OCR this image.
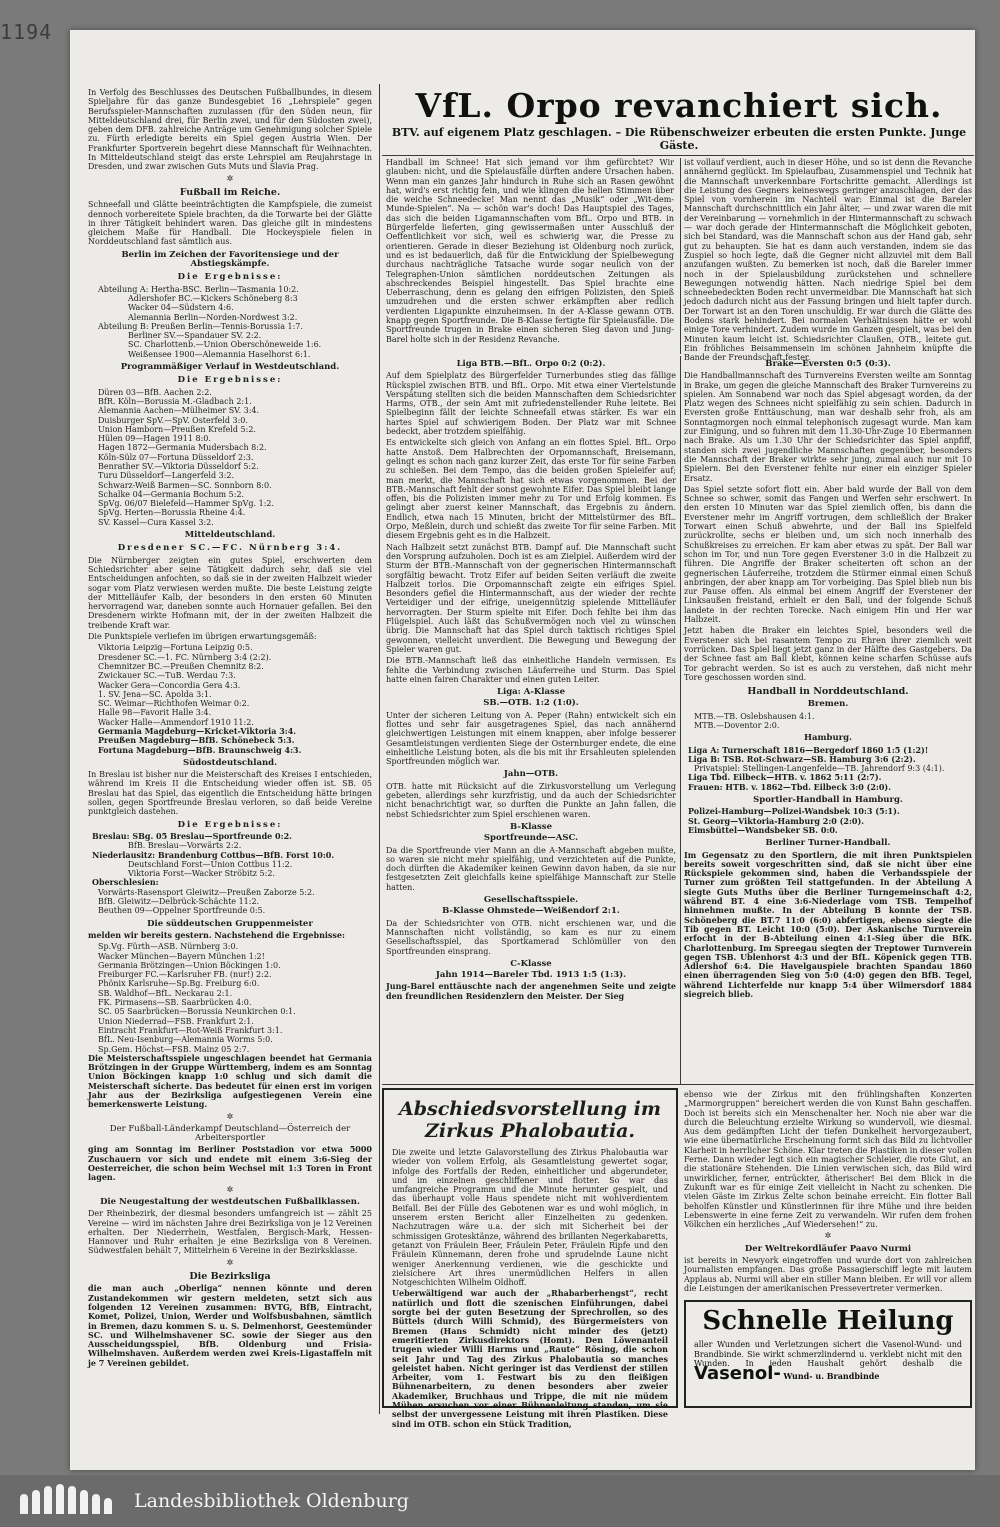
1194
VfL. Orpo revanchiert sich.
BTV. auf eigenem Platz geschlagen. – Die Rübenschweizer erbeuten die ersten Punkte. Junge Gäste.

Handball im Schnee! Hat sich jemand vor ihm gefürchtet? Wir glauben: nicht, und die Spielausfälle dürften andere Ursachen haben. Wenn man ein ganzes Jahr hindurch in Ruhe sich an Rasen gewöhnt hat, wird's erst richtig fein, und wie klingen die hellen Stimmen über die weiche Schneedecke! Man nennt das „Musik“ oder „Wit-dem-Munde-Spielen“. Na — schön war's doch! Das Hauptspiel des Tages, das sich die beiden Ligamannschaften vom BfL. Orpo und BTB. in Bürgerfelde lieferten, ging gewissermaßen unter Ausschluß der Oeffentlichkeit vor sich, weil es schwierig war, die Presse zu orientieren. Gerade in dieser Beziehung ist Oldenburg noch zurück, und es ist bedauerlich, daß für die Entwicklung der Spielbewegung durchaus nachträgliche Tatsache wurde sogar neulich von der Telegraphen-Union sämtlichen norddeutschen Zeitungen als abschreckendes Beispiel hingestellt. Das Spiel brachte eine Ueberraschung, denn es gelang den eifrigen Polizisten, den Spieß umzudrehen und die ersten schwer erkämpften aber redlich verdienten Ligapunkte einzuheimsen. In der A-Klasse gewann OTB. knapp gegen Sportfreunde. Die B-Klasse fertigte für Spielausfälle. Die Sportfreunde trugen in Brake einen sicheren Sieg davon und Jung-Barel holte sich in der Residenz Revanche.

ist vollauf verdient, auch in dieser Höhe, und so ist denn die Revanche annähernd geglückt. Im Spielaufbau, Zusammenspiel und Technik hat die Mannschaft unverkennbare Fortschritte gemacht. Allerdings ist die Leistung des Gegners keineswegs geringer anzuschlagen, der das Spiel von vornherein im Nachteil war: Einmal ist die Bareler Mannschaft durchschnittlich ein Jahr älter, — und zwar waren die mit der Vereinbarung — vornehmlich in der Hintermannschaft zu schwach — war doch gerade der Hintermannschaft die Möglichkeit geboten, sich bei Standard, was die Mannschaft schon aus der Hand gab, sehr gut zu behaupten. Sie hat es dann auch verstanden, indem sie das Zuspiel so hoch legte, daß die Gegner nicht allzuviel mit dem Ball anzufangen wußten. Zu bemerken ist noch, daß die Bareler immer noch in der Spielausbildung zurückstehen und schnellere Bewegungen notwendig hätten. Nach niedrige Spiel bei dem schneebedeckten Boden recht unvermeidbar. Die Mannschaft hat sich jedoch dadurch nicht aus der Fassung bringen und hielt tapfer durch. Der Torwart ist an den Toren unschuldig. Er war durch die Glätte des Bodens stark behindert. Bei normalen Verhältnissen hätte er wohl einige Tore verhindert. Zudem wurde im Ganzen gespielt, was bei den Minuten kaum leicht ist. Schiedsrichter Claußen, OTB., leitete gut. Ein fröhliches Beisammensein im schönen Jahnheim knüpfte die Bande der Freundschaft fester.

In Verfolg des Beschlusses des Deutschen Fußballbundes, in diesem Spieljahre für das ganze Bundesgebiet 16 „Lehrspiele“ gegen Berufsspieler-Mannschaften zuzulassen (für den Süden neun, für Mitteldeutschland drei, für Berlin zwei, und für den Südosten zwei), geben dem DFB. zahlreiche Anträge um Genehmigung solcher Spiele zu. Fürth erledigte bereits ein Spiel gegen Austria Wien. Der Frankfurter Sportverein begehrt diese Mannschaft für Weihnachten. In Mitteldeutschland steigt das erste Lehrspiel am Reujahrstage in Dresden, und zwar zwischen Guts Muts und Slavia Prag.

✲
Fußball im Reiche.

Schneefall und Glätte beeinträchtigten die Kampfspiele, die zumeist dennoch vorbereitete Spiele brachten, da die Torwarte bei der Glätte in ihrer Tätigkeit behindert waren. Das gleiche gilt in mindestens gleichem Maße für Handball. Die Hockeyspiele fielen in Norddeutschland fast sämtlich aus.

Berlin im Zeichen der Favoritensiege und der Abstiegskämpfe.
Die Ergebnisse:

Abteilung A: Hertha-BSC. Berlin—Tasmania 10:2.

Adlershofer BC.—Kickers Schöneberg 8:3

Wacker 04—Südstern 4:6.

Alemannia Berlin—Norden-Nordwest 3:2.

Abteilung B: Preußen Berlin—Tennis-Borussia 1:7.

Berliner SV.—Spandauer SV. 2:2.

SC. Charlottenb.—Union Oberschöneweide 1:6.

Weißensee 1900—Alemannia Haselhorst 6:1.

Programmäßiger Verlauf in Westdeutschland.
Die Ergebnisse:

Düren 03—BfB. Aachen 2:2.

BfR. Köln—Borussia M.-Gladbach 2:1.

Alemannia Aachen—Mülheimer SV. 3:4.

Duisburger SpV.—SpV. Osterfeld 3:0.

Union Hamborn—Preußen Krefeld 5:2.

Hülen 09—Hagen 1911 8:0.

Hagen 1872—Germania Mudersbach 8:2.

Köln-Sülz 07—Fortuna Düsseldorf 2:3.

Benrather SV.—Viktoria Düsseldorf 5:2.

Turu Düsseldorf—Langerfeld 3:2.

Schwarz-Weiß Barmen—SC. Sonnborn 8:0.

Schalke 04—Germania Bochum 5:2.

SpVg. 06/07 Bielefeld—Hammer SpVg. 1:2.

SpVg. Herten—Borussia Rheine 4:4.

SV. Kassel—Cura Kassel 3:2.

Mitteldeutschland.
Dresdener SC.—FC. Nürnberg 3:4.

Die Nürnberger zeigten ein gutes Spiel, erschwerten dem Schiedsrichter aber seine Tätigkeit dadurch sehr, daß sie viel Entscheidungen anfochten, so daß sie in der zweiten Halbzeit wieder sogar vom Platz verwiesen werden mußte. Die beste Leistung zeigte der Mittelläufer Kalb, der besonders in den ersten 60 Minuten hervorragend war, daneben sonnte auch Hornauer gefallen. Bei den Dresdenern wirkte Hofmann mit, der in der zweiten Halbzeit die treibende Kraft war.

Die Punktspiele verliefen im übrigen erwartungsgemäß:

Viktoria Leipzig—Fortuna Leipzig 0:5.

Dresdener SC.—1. FC. Nürnberg 3:4 (2:2).

Chemnitzer BC.—Preußen Chemnitz 8:2.

Zwickauer SC.—TuB. Werdau 7:3.

Wacker Gera—Concordia Gera 4:3.

1. SV. Jena—SC. Apolda 3:1.

SC. Weimar—Richthofen Weimar 0:2.

Halle 98—Favorit Halle 3:4.

Wacker Halle—Ammendorf 1910 11:2.

Germania Magdeburg—Kricket-Viktoria 3:4.

Preußen Magdeburg—BfB. Schönebeck 5:3.

Fortuna Magdeburg—BfB. Braunschweig 4:3.

Südostdeutschland.

In Breslau ist bisher nur die Meisterschaft des Kreises I entschieden, während im Kreis II die Entscheidung wieder offen ist. SB. 05 Breslau hat das Spiel, das eigentlich die Entscheidung hätte bringen sollen, gegen Sportfreunde Breslau verloren, so daß beide Vereine punktgleich dastehen.

Die Ergebnisse:

Breslau: SBg. 05 Breslau—Sportfreunde 0:2.

BfB. Breslau—Vorwärts 2:2.

Niederlausitz: Brandenburg Cottbus—BfB. Forst 10:0.

Deutschland Forst—Union Cottbus 11:2.

Viktoria Forst—Wacker Ströbitz 5:2.

Oberschlesien:

Vorwärts-Rasensport Gleiwitz—Preußen Zaborze 5:2.

BfB. Gleiwitz—Delbrück-Schächte 11:2.

Beuthen 09—Oppelner Sportfreunde 0:5.

Die süddeutschen Gruppenmeister

melden wir bereits gestern. Nachstehend die Ergebnisse:

Sp.Vg. Fürth—ASB. Nürnberg 3:0.

Wacker München—Bayern München 1:2!

Germania Brötzingen—Union Böckingen 1:0.

Freiburger FC.—Karlsruher FB. (nur!) 2:2.

Phönix Karlsruhe—Sp.Bg. Freiburg 6:0.

SB. Waldhof—BfL. Neckarau 2:1.

FK. Pirmasens—SB. Saarbrücken 4:0.

SC. 05 Saarbrücken—Borussia Neunkirchen 0:1.

Union Niederrad—FSB. Frankfurt 2:1.

Eintracht Frankfurt—Rot-Weiß Frankfurt 3:1.

BfL. Neu-Isenburg—Alemannia Worms 5:0.

Sp.Gem. Höchst—FSB. Mainz 05 2:7.

Die Meisterschaftsspiele ungeschlagen beendet hat Germania Brötzingen in der Gruppe Württemberg, indem es am Sonntag Union Böckingen knapp 1:0 schlug und sich damit die Meisterschaft sicherte. Das bedeutet für einen erst im vorigen Jahr aus der Bezirksliga aufgestiegenen Verein eine bemerkenswerte Leistung.

✲
Der Fußball-Länderkampf Deutschland—Österreich der Arbeitersportler

ging am Sonntag im Berliner Poststadion vor etwa 5000 Zuschauern vor sich und endete mit einem 3:6-Sieg der Oesterreicher, die schon beim Wechsel mit 1:3 Toren in Front lagen.

✲
Die Neugestaltung der westdeutschen Fußballklassen.

Der Rheinbezirk, der diesmal besonders umfangreich ist — zählt 25 Vereine — wird im nächsten Jahre drei Bezirksliga von je 12 Vereinen erhalten. Der Niederrhein, Westfalen, Bergisch-Mark, Hessen-Hannover und Ruhr erhalten je eine Bezirksliga von 8 Vereinen. Südwestfalen behält 7, Mittelrhein 6 Vereine in der Bezirksklasse.

✲
Die Bezirksliga

die man auch „Oberliga“ nennen könnte und deren Zustandekommen wir gestern meldeten, setzt sich aus folgenden 12 Vereinen zusammen: BVTG, BfB, Eintracht, Komet, Polizei, Union, Werder und Wolfsbusbahnen, sämtlich in Bremen, dazu kommen S. u. S. Delmenhorst, Geestemünder SC. und Wilhelmshavener SC. sowie der Sieger aus den Ausscheidungsspiel, BfB. Oldenburg und Frisia-Wilhelmshaven. Außerdem werden zwei Kreis-Ligastaffeln mit je 7 Vereinen gebildet.

Liga BTB.—BfL. Orpo 0:2 (0:2).

Auf dem Spielplatz des Bürgerfelder Turnerbundes stieg das fällige Rückspiel zwischen BTB. und BfL. Orpo. Mit etwa einer Viertelstunde Verspätung stellten sich die beiden Mannschaften dem Schiedsrichter Harms, OTB., der sein Amt mit zufriedenstellender Ruhe leitete. Bei Spielbeginn fällt der leichte Schneefall etwas stärker. Es war ein hartes Spiel auf schwierigem Boden. Der Platz war mit Schnee bedeckt, aber trotzdem spielfähig.

Es entwickelte sich gleich von Anfang an ein flottes Spiel. BfL. Orpo hatte Anstoß. Dem Halbrechten der Orpomannschaft, Breisemann, gelingt es schon nach ganz kurzer Zeit, das erste Tor für seine Farben zu schießen. Bei dem Tempo, das die beiden großen Spieleifer auf; man merkt, die Mannschaft hat sich etwas vorgenommen. Bei der BTB.-Mannschaft fehlt der sonst gewohnte Eifer. Das Spiel bleibt lange offen, bis die Polizisten immer mehr zu Tor und Erfolg kommen. Es gelingt aber zuerst keiner Mannschaft, das Ergebnis zu ändern. Endlich, etwa nach 15 Minuten, bricht der Mittelstürmer des BfL. Orpo, Meßlein, durch und schießt das zweite Tor für seine Farben. Mit diesem Ergebnis geht es in die Halbzeit.

Nach Halbzeit setzt zunächst BTB. Dampf auf. Die Mannschaft sucht den Vorsprung aufzuholen. Doch ist es am Zielpiel. Außerdem wird der Sturm der BTB.-Mannschaft von der gegnerischen Hintermannschaft sorgfältig bewacht. Trotz Eifer auf beiden Seiten verläuft die zweite Halbzeit torlos. Die Orpomannschaft zeigte ein eifriges Spiel. Besonders gefiel die Hintermannschaft, aus der wieder der rechte Verteidiger und der eifrige, uneigennützig spielende Mittelläufer hervorragten. Der Sturm spielte mit Eifer. Doch fehlte bei ihm das Flügelspiel. Auch läßt das Schußvermögen noch viel zu wünschen übrig. Die Mannschaft hat das Spiel durch taktisch richtiges Spiel gewonnen, vielleicht unverdient. Die Bewegung und Bewegung der Spieler waren gut.

Die BTB.-Mannschaft ließ das einheitliche Handeln vermissen. Es fehlte die Verbindung zwischen Läuferreihe und Sturm. Das Spiel hatte einen fairen Charakter und einen guten Leiter.

Liga: A-Klasse
SB.—OTB. 1:2 (1:0).

Unter der sicheren Leitung von A. Peper (Rahn) entwickelt sich ein flottes und sehr fair ausgetragenes Spiel, das nach annähernd gleichwertigen Leistungen mit einem knappen, aber infolge besserer Gesamtleistungen verdienten Siege der Osternburger endete, die eine einheitliche Leistung boten, als die bis mit ihr Ersahleuten spielenden Sportfreunden möglich war.

Jahn—OTB.

OTB. hatte mit Rücksicht auf die Zirkusvorstellung um Verlegung gebeten, allerdings sehr kurzfristig, und da auch der Schiedsrichter nicht benachrichtigt war, so durften die Punkte an Jahn fallen, die nebst Schiedsrichter zum Spiel erschienen waren.

B-Klasse
Sportfreunde—ASC.

Da die Sportfreunde vier Mann an die A-Mannschaft abgeben mußte, so waren sie nicht mehr spielfähig, und verzichteten auf die Punkte, doch dürften die Akademiker keinen Gewinn davon haben, da sie nur festgesetzten Zeit gleichfalls keine spielfähige Mannschaft zur Stelle hatten.

Gesellschaftsspiele.
B-Klasse Ohmstede—Weißendorf 2:1.

Da der Schiedsrichter von OTB. nicht erschienen war, und die Mannschaften nicht vollständig, so kam es nur zu einem Gesellschaftsspiel, das Sportkamerad Schlömüller von den Sportfreunden einsprang.

C-Klasse
Jahn 1914—Bareler Tbd. 1913 1:5 (1:3).

Jung-Barel enttäuschte nach der angenehmen Seite und zeigte den freundlichen Residenzlern den Meister. Der Sieg

Brake—Eversten 0:5 (0:3).

Die Handballmannschaft des Turnvereins Eversten weilte am Sonntag in Brake, um gegen die gleiche Mannschaft des Braker Turnvereins zu spielen. Am Sonnabend war noch das Spiel abgesagt worden, da der Platz wegen des Schnees nicht spielfähig zu sein schien. Dadurch in Eversten große Enttäuschung, man war deshalb sehr froh, als am Sonntagmorgen noch einmal telephonisch zugesagt wurde. Man kam zur Einigung, und so fuhren mit dem 11.30-Uhr-Zuge 10 Ebermannen nach Brake. Als um 1.30 Uhr der Schiedsrichter das Spiel anpfiff, standen sich zwei jugendliche Mannschaften gegenüber, besonders die Mannschaft der Braker wirkte sehr jung, zumal auch nur mit 10 Spielern. Bei den Everstener fehlte nur einer ein einziger Spieler Ersatz.

Das Spiel setzte sofort flott ein. Aber bald wurde der Ball von dem Schnee so schwer, somit das Fangen und Werfen sehr erschwert. In den ersten 10 Minuten war das Spiel ziemlich offen, bis dann die Everstener mehr im Angriff vortrugen, dem schließlich der Braker Torwart einen Schuß abwehrte, und der Ball ins Spielfeld zurückrollte, sechs er bleiben und, um sich noch innerhalb des Schußkreises zu erreichen. Er kam aber etwas zu spät. Der Ball war schon im Tor, und nun Tore gegen Everstener 3:0 in die Halbzeit zu führen. Die Angriffe der Braker scheiterten oft schon an der gegnerischen Läuferreihe, trotzdem die Stürmer einmal einen Schuß anbringen, der aber knapp am Tor vorbeiging. Das Spiel blieb nun bis zur Pause offen. Als einmal bei einem Angriff der Everstener der Linksaußen freistand, erhielt er den Ball, und der folgende Schuß landete in der rechten Torecke. Nach einigem Hin und Her war Halbzeit.

Jetzt haben die Braker ein leichtes Spiel, besonders weil die Everstener sich bei rasantem Tempo zu Ehren ihrer ziemlich weit vorrücken. Das Spiel liegt jetzt ganz in der Hälfte des Gastgebers. Da der Schnee fast am Ball klebt, können keine scharfen Schüsse aufs Tor gebracht werden. So ist es auch zu verstehen, daß nicht mehr Tore geschossen worden sind.

Handball in Norddeutschland.
Bremen.

MTB.—TB. Oslebshausen 4:1.

MTB.—Doventor 2:0.

Hamburg.

Liga A: Turnerschaft 1816—Bergedorf 1860 1:5 (1:2)!

Liga B: TSB. Rot-Schwarz—SB. Hamburg 3:6 (2:2).

Privatspiel: Stellingen-Langenfelde—TB. Jahrendorf 9:3 (4:1).

Liga Tbd. Eilbeck—HTB. v. 1862 5:11 (2:7).

Frauen: HTB. v. 1862—Tbd. Eilbeck 3:0 (2:0).

Sportler-Handball in Hamburg.

Polizei-Hamburg—Polizei-Wandsbek 10:3 (5:1).

St. Georg—Viktoria-Hamburg 2:0 (2:0).

Eimsbüttel—Wandsbeker SB. 0:0.

Berliner Turner-Handball.

Im Gegensatz zu den Sportlern, die mit ihren Punktspielen bereits soweit vorgeschritten sind, daß sie nicht über eine Rückspiele gekommen sind, haben die Verbandsspiele der Turner zum größten Teil stattgefunden. In der Abteilung A siegte Guts Muths über die Berliner Turngemeinschaft 4:2, während BT. 4 eine 3:6-Niederlage vom TSB. Tempelhof hinnehmen mußte. In der Abteilung B konnte der TSB. Schöneberg die BT.7 11:0 (6:0) abfertigen, ebenso siegte die Tib gegen BT. Leicht 10:0 (5:0). Der Askanische Turnverein erfocht in der B-Abteilung einen 4:1-Sieg über die BfK. Charlottenburg. Im Spreegau siegten der Treptower Turnverein gegen TSB. Ublenhorst 4:3 und der BfL. Köpenick gegen TTB. Adlershof 6:4. Die Havelgauspiele brachten Spandau 1860 einen überragenden Sieg von 5:0 (4:0) gegen den BfB. Tegel, während Lichterfelde nur knapp 5:4 über Wilmersdorf 1884 siegreich blieb.

Abschiedsvorstellung im Zirkus Phalobautia.

Die zweite und letzte Galavorstellung des Zirkus Phalobautia war wieder von vollem Erfolg, als Gesamtleistung gewertet sogar, infolge des Fortfalls der Reden, einheitlicher und abgerundeter, und im einzelnen geschliffener und flotter. So war das umfangreiche Programm und die Minute herunter gespielt, und das überhaupt volle Haus spendete nicht mit wohlverdientem Beifall. Bei der Fülle des Gebotenen war es und wohl möglich, in unserem ersten Bericht aller Einzelheiten zu gedenken. Nachzutragen wäre u.a. der sich mit Sicherheit bei der schmissigen Grotesktänze, während des brillanten Negerkabaretts, getanzt von Fräulein Beer, Fräulein Peter, Fräulein Ripfe und den Fräulein Künnemann, deren frohe und sprudelnde Laune nicht weniger Anerkennung verdienen, wie die geschickte und zielsichere Art ihres unermüdlichen Helfers in allen Notgeschichten Wilhelm Oldhoff.

Ueberwältigend war auch der „Rhabarberhengst“, recht natürlich und flott die szenischen Einführungen, dabei sorgte bei der guten Besetzung der Sprechrollen, so des Büttels (durch Willi Schmid), des Bürgermeisters von Bremen (Hans Schmidt) nicht minder des (jetzt) emeritierten Zirkusdirektors (Homt). Den Löwenanteil trugen wieder Willi Harms und „Raute“ Rösing, die schon seit Jahr und Tag des Zirkus Phalobautia so manches geleistet haben. Nicht geringer ist das Verdienst der stillen Arbeiter, vom 1. Festwart bis zu den fleißigen Bühnenarbeitern, zu denen besonders aber zweier Akademiker, Bruchhaus und Trippe, die mit nie müdem Mühen ersuchen vor einer Bühnenleitung standen, um sie selbst der unvergessene Leistung mit ihren Plastiken. Diese sind im OTB. schon ein Stück Tradition,

ebenso wie der Zirkus mit den frühlingshaften Konzerten „Marmorgruppen“ bereichert werden die von Kunst Bahn geschaffen. Doch ist bereits sich ein Menschenalter her. Noch nie aber war die durch die Beleuchtung erzielte Wirkung so wundervoll, wie diesmal. Aus dem gedämpften Licht der tiefen Dunkelheit hervorgezaubert, wie eine übernatürliche Erscheinung formt sich das Bild zu lichtvoller Klarheit in herrlicher Schöne. Klar treten die Plastiken in dieser vollen Ferne. Dann wieder legt sich ein magischer Schleier, die rote Glut, an die stationäre Stehenden. Die Linien verwischen sich, das Bild wird unwirklicher, ferner, entrückter, ätherischer! Bei dem Blick in die Zukunft war es für einige Zeit vielleicht in Nacht zu schenken. Die vielen Gäste im Zirkus Zelte schon beinahe erreicht. Ein flotter Ball beholfen Künstler und Künstlerinnen für ihre Mühe und ihre beiden Lebenswerte in eine ferne Zeit zu verwandeln. Wir rufen dem frohen Völkchen ein herzliches „Auf Wiedersehen!“ zu.

✲
Der Weltrekordläufer Paavo Nurmi

ist bereits in Newyork eingetroffen und wurde dort von zahlreichen Journalisten empfangen. Das große Passagierschiff legte mit lautem Applaus ab. Nurmi will aber ein stiller Mann bleiben. Er will vor allem die Leistungen der amerikanischen Pressevertreter vermerken.

Schnelle Heilung
aller Wunden und Verletzungen sichert die Vasenol-Wund- und Brandbinde. Sie wirkt schmerzlindernd u. verklebt nicht mit den Wunden. In jeden Haushalt gehört deshalb die Vasenol- Wund- u. Brandbinde
Landesbibliothek Oldenburg
